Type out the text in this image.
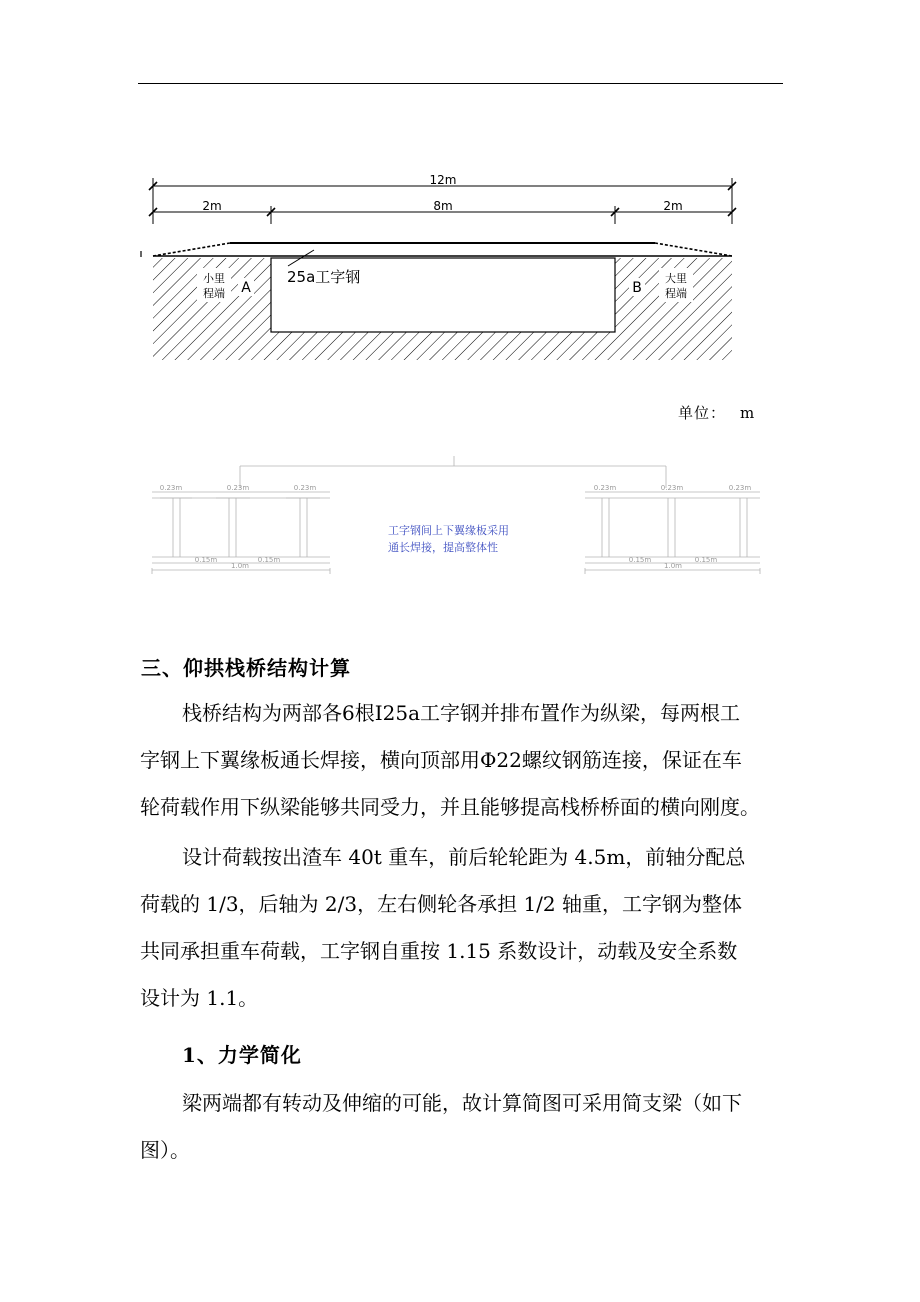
12m
2m	8m	2m
25a工字钢
小里
程端 A	B
大里
程端
0.23m	0.23m	0.23m
0.15m	0.15m
1.0m
0.23m	0.23m	0.23m
0.15m	0.15m
1.0m
工字钢间上下翼缘板采用
通长焊接，提高整体性
单位： m
三、仰拱栈桥结构计算

栈桥结构为两部各6根Ⅰ25a工字钢并排布置作为纵梁，每两根工
字钢上下翼缘板通长焊接，横向顶部用Φ22螺纹钢筋连接，保证在车
轮荷载作用下纵梁能够共同受力，并且能够提高栈桥桥面的横向刚度。

设计荷载按出渣车 40t 重车，前后轮轮距为 4.5m，前轴分配总
荷载的 1/3，后轴为 2/3，左右侧轮各承担 1/2 轴重，工字钢为整体
共同承担重车荷载，工字钢自重按 1.15 系数设计，动载及安全系数
设计为 1.1。

1、力学简化

梁两端都有转动及伸缩的可能，故计算简图可采用简支梁（如下
图）。
